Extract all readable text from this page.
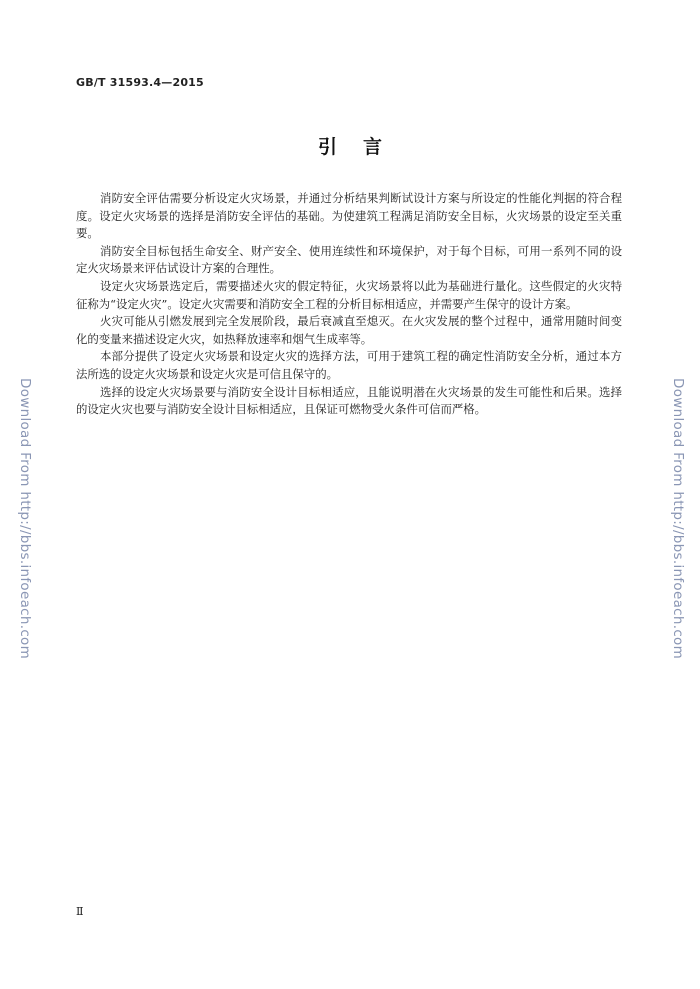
GB/T 31593.4—2015
引言

消防安全评估需要分析设定火灾场景，并通过分析结果判断试设计方案与所设定的性能化判据的符合程度。设定火灾场景的选择是消防安全评估的基础。为使建筑工程满足消防安全目标，火灾场景的设定至关重要。

消防安全目标包括生命安全、财产安全、使用连续性和环境保护，对于每个目标，可用一系列不同的设定火灾场景来评估试设计方案的合理性。

设定火灾场景选定后，需要描述火灾的假定特征，火灾场景将以此为基础进行量化。这些假定的火灾特征称为“设定火灾”。设定火灾需要和消防安全工程的分析目标相适应，并需要产生保守的设计方案。

火灾可能从引燃发展到完全发展阶段，最后衰减直至熄灭。在火灾发展的整个过程中，通常用随时间变化的变量来描述设定火灾，如热释放速率和烟气生成率等。

本部分提供了设定火灾场景和设定火灾的选择方法，可用于建筑工程的确定性消防安全分析，通过本方法所选的设定火灾场景和设定火灾是可信且保守的。

选择的设定火灾场景要与消防安全设计目标相适应，且能说明潜在火灾场景的发生可能性和后果。选择的设定火灾也要与消防安全设计目标相适应，且保证可燃物受火条件可信而严格。

Download From http://bbs.infoeach.com	Download From http://bbs.infoeach.com
Ⅱ
